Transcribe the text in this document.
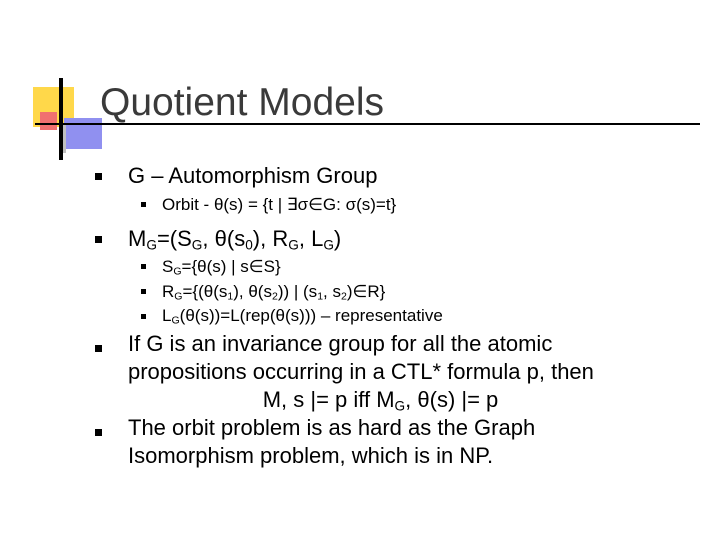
Quotient Models
G – Automorphism Group
Orbit - θ(s) = {t | ∃σ∈G: σ(s)=t}
$M_G=(S_G$, $\theta(s_0)$, $R_G$, $L_G$)
$S_G=\{\theta(s)$ | s∈S}
$R_G=\{(\theta(s_1)$, $\theta(s_2)$) | ($s_1$, $s_2)\in R$}
$L_G(\theta(s))=L(rep(\theta(s)))$ – representative
If G is an invariance group for all the atomic
propositions occurring in a CTL* formula p, then
M, s |= p iff $M_G$, θ(s) |= p
The orbit problem is as hard as the Graph
Isomorphism problem, which is in NP.
